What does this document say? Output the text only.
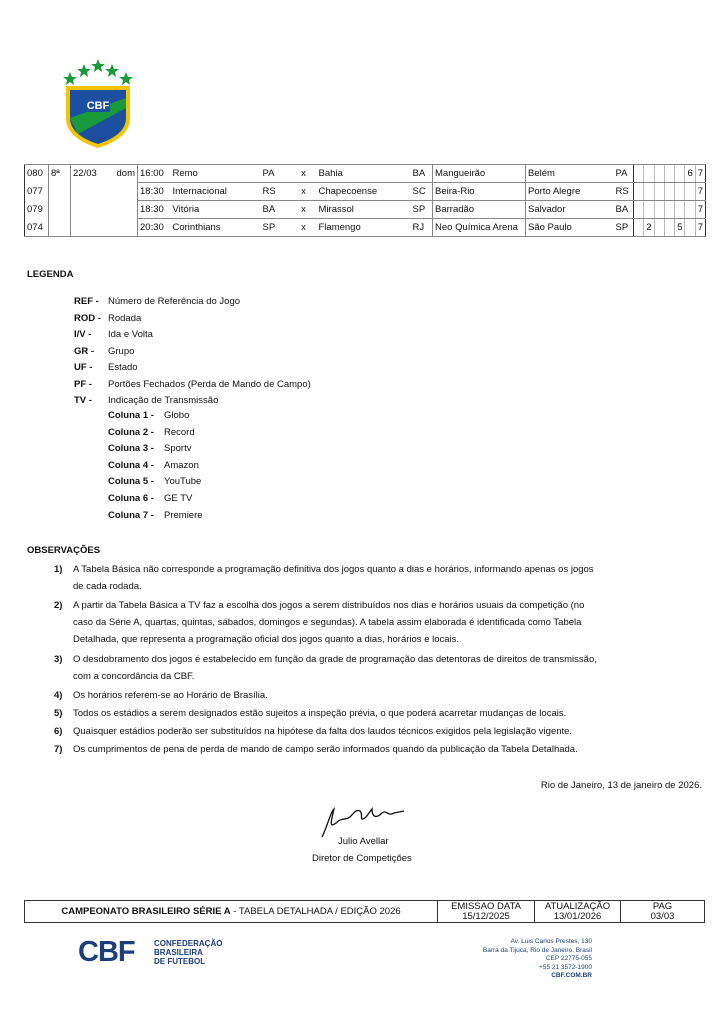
CBF
080	8ª	22/03	dom	16:00	Remo	PA	x	Bahia	BA	Mangueirão	Belém	PA						6	7
077				18:30	Internacional	RS	x	Chapecoense	SC	Beira-Rio	Porto Alegre	RS							7
079				18:30	Vitória	BA	x	Mirassol	SP	Barradão	Salvador	BA							7
074				20:30	Corinthians	SP	x	Flamengo	RJ	Neo Química Arena	São Paulo	SP		2			5		7
LEGENDA
REF - Número de Referência do Jogo
ROD - Rodada
I/V - Ida e Volta
GR - Grupo
UF - Estado
PF - Portões Fechados (Perda de Mando de Campo)
TV - Indicação de Transmissão
Coluna 1 - Globo
Coluna 2 - Record
Coluna 3 - Sportv
Coluna 4 - Amazon
Coluna 5 - YouTube
Coluna 6 - GE TV
Coluna 7 - Premiere
OBSERVAÇÕES
1) A Tabela Básica não corresponde a programação definitiva dos jogos quanto a dias e horários, informando apenas os jogos
de cada rodada.
2) A partir da Tabela Básica a TV faz a escolha dos jogos a serem distribuídos nos dias e horários usuais da competição (no
caso da Série A, quartas, quintas, sábados, domingos e segundas). A tabela assim elaborada é identificada como Tabela
Detalhada, que representa a programação oficial dos jogos quanto a dias, horários e locais.
3) O desdobramento dos jogos é estabelecido em função da grade de programação das detentoras de direitos de transmissão,
com a concordância da CBF.
4) Os horários referem-se ao Horário de Brasília.
5) Todos os estádios a serem designados estão sujeitos a inspeção prévia, o que poderá acarretar mudanças de locais.
6) Quaisquer estádios poderão ser substituídos na hipótese da falta dos laudos técnicos exigidos pela legislação vigente.
7) Os cumprimentos de pena de perda de mando de campo serão informados quando da publicação da Tabela Detalhada.
Rio de Janeiro, 13 de janeiro de 2026.
Julio Avellar
Diretor de Competições
CAMPEONATO BRASILEIRO SÉRIE A - TABELA DETALHADA / EDIÇÃO 2026	EMISSAO DATA
15/12/2025
ATUALIZAÇÃO
13/01/2026
PAG
03/03
CBF CONFEDERAÇÃO
BRASILEIRA
DE FUTEBOL
Av. Luis Carlos Prestes, 130
Barra da Tijuca, Rio de Janeiro, Brasil
CEP 22775-055
+55 21 3572-1900
CBF.COM.BR
